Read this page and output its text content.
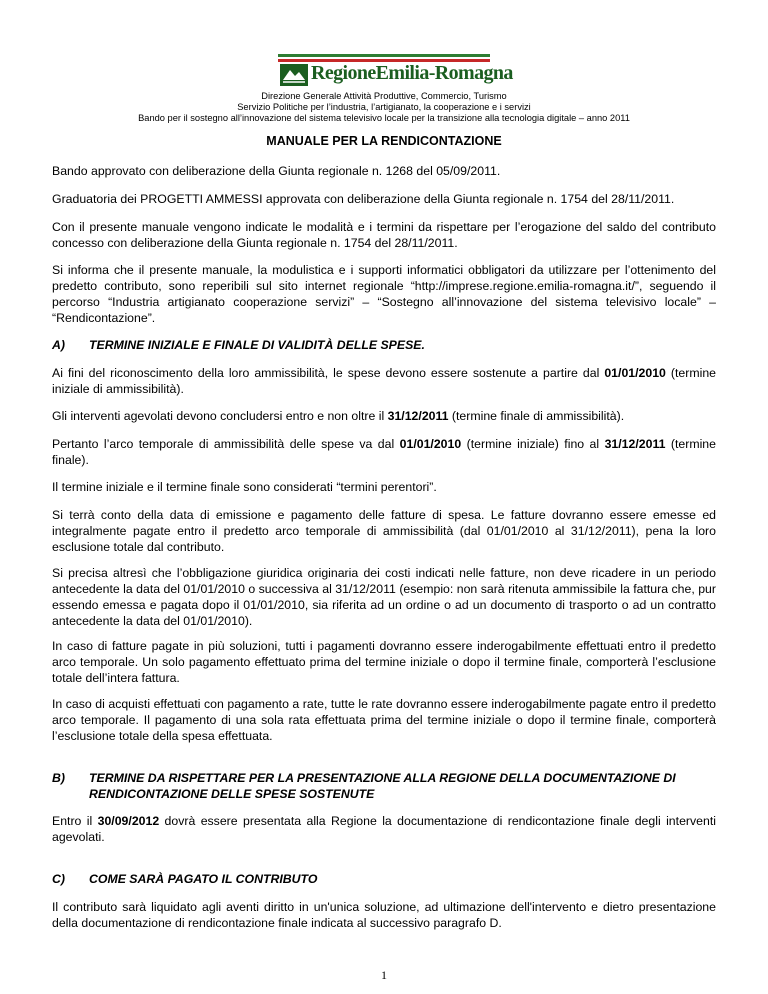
RegioneEmilia-Romagna
Direzione Generale Attività Produttive, Commercio, Turismo
Servizio Politiche per l’industria, l’artigianato, la cooperazione e i servizi
Bando per il sostegno all’innovazione del sistema televisivo locale per la transizione alla tecnologia digitale – anno 2011
MANUALE PER LA RENDICONTAZIONE
Bando approvato con deliberazione della Giunta regionale n. 1268 del 05/09/2011.
Graduatoria dei PROGETTI AMMESSI approvata con deliberazione della Giunta regionale n. 1754 del 28/11/2011.
Con il presente manuale vengono indicate le modalità e i termini da rispettare per l’erogazione del saldo del contributo concesso con deliberazione della Giunta regionale n. 1754 del 28/11/2011.
Si informa che il presente manuale, la modulistica e i supporti informatici obbligatori da utilizzare per l’ottenimento del predetto contributo, sono reperibili sul sito internet regionale “http://imprese.regione.emilia-romagna.it/”, seguendo il percorso “Industria artigianato cooperazione servizi” – “Sostegno all’innovazione del sistema televisivo locale” – “Rendicontazione”.
A) TERMINE INIZIALE E FINALE DI VALIDITÀ DELLE SPESE.
Ai fini del riconoscimento della loro ammissibilità, le spese devono essere sostenute a partire dal 01/01/2010 (termine iniziale di ammissibilità).
Gli interventi agevolati devono concludersi entro e non oltre il 31/12/2011 (termine finale di ammissibilità).
Pertanto l’arco temporale di ammissibilità delle spese va dal 01/01/2010 (termine iniziale) fino al 31/12/2011 (termine finale).
Il termine iniziale e il termine finale sono considerati “termini perentori”.
Si terrà conto della data di emissione e pagamento delle fatture di spesa. Le fatture dovranno essere emesse ed integralmente pagate entro il predetto arco temporale di ammissibilità (dal 01/01/2010 al 31/12/2011), pena la loro esclusione totale dal contributo.
Si precisa altresì che l’obbligazione giuridica originaria dei costi indicati nelle fatture, non deve ricadere in un periodo antecedente la data del 01/01/2010 o successiva al 31/12/2011 (esempio: non sarà ritenuta ammissibile la fattura che, pur essendo emessa e pagata dopo il 01/01/2010, sia riferita ad un ordine o ad un documento di trasporto o ad un contratto antecedente la data del 01/01/2010).
In caso di fatture pagate in più soluzioni, tutti i pagamenti dovranno essere inderogabilmente effettuati entro il predetto arco temporale. Un solo pagamento effettuato prima del termine iniziale o dopo il termine finale, comporterà l’esclusione totale dell’intera fattura.
In caso di acquisti effettuati con pagamento a rate, tutte le rate dovranno essere inderogabilmente pagate entro il predetto arco temporale. Il pagamento di una sola rata effettuata prima del termine iniziale o dopo il termine finale, comporterà l’esclusione totale della spesa effettuata.
B) TERMINE DA RISPETTARE PER LA PRESENTAZIONE ALLA REGIONE DELLA DOCUMENTAZIONE DI RENDICONTAZIONE DELLE SPESE SOSTENUTE
Entro il 30/09/2012 dovrà essere presentata alla Regione la documentazione di rendicontazione finale degli interventi agevolati.
C) COME SARÀ PAGATO IL CONTRIBUTO
Il contributo sarà liquidato agli aventi diritto in un'unica soluzione, ad ultimazione dell'intervento e dietro presentazione della documentazione di rendicontazione finale indicata al successivo paragrafo D.
1
